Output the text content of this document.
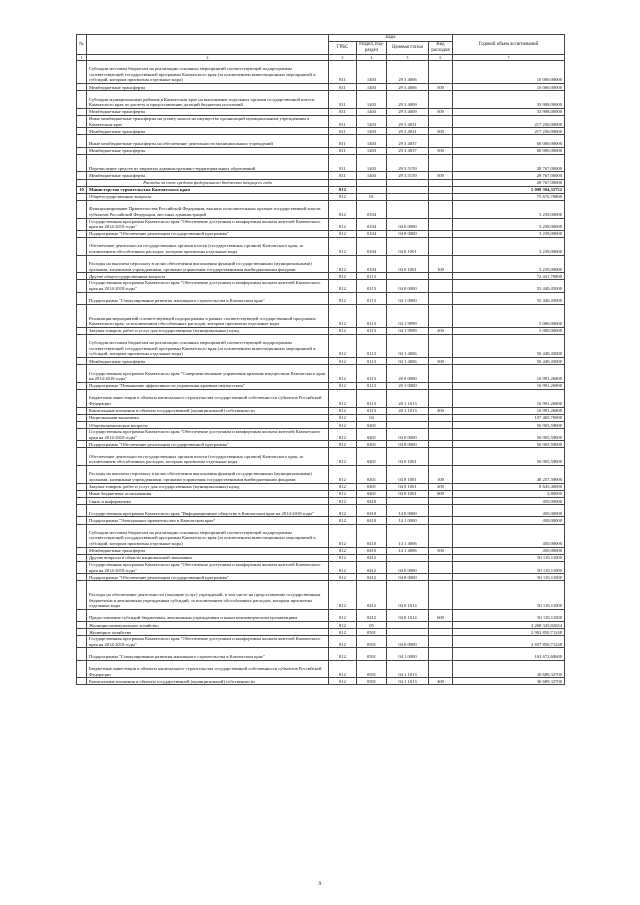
№		коды				Годовой объем ассигнований
		ГРБС	Раздел, под-раздел	Целевая статья	Вид расходов	
1	2	3	4	5	6	7
	Субсидии местным бюджетам на реализацию основных мероприятий соответствующей подпрограммы соответствующей государственной программы Камчатского края (за исключением инвестиционных мероприятий и субсидий, которым присвоены отдельные коды)	811	1403	29 3 4006		10 000,00000
	Межбюджетные трансферты	811	1403	29 3 4006	500	10 000,00000
	Субсидии муниципальным районам в Камчатском крае на выполнение отдельных органов государственной власти Камчатского края по расчету и предоставлению дотаций бюджетам поселений	811	1403	29 3 4009		33 908,00000
	Межбюджетные трансферты	811	1403	29 3 4009	500	33 908,00000
	Иные межбюджетные трансферты на уплату налога на имущество организаций муниципальным учреждениям в Камчатском крае	811	1403	29 3 4031		217 230,00000
	Межбюджетные трансферты	811	1403	29 3 4031	500	217 230,00000
	Иные межбюджетные трансферты на обеспечение деятельности муниципальных учреждений	811	1403	29 3 4037		60 000,00000
	Межбюджетные трансферты	811	1403	29 3 4037	500	60 000,00000
	Перечисление средств из закрытых административно-территориальных образований	811	1403	29 3 5159		28 767,00000
	Межбюджетные трансферты	811	1403	29 3 5159	500	28 767,00000
	Расходы за счет средств федерального бюджета текущего года					28 767,00000
10	Министерство строительства Камчатского края	812				5 098 394,35752
	Общегосударственные вопросы	812	01			75 670,70800
	Функционирование Правительства Российской Федерации, высших исполнительных органов государственной власти субъектов Российской Федерации, местных администраций	812	0104			3 239,00000
	Государственная программа Камчатского края "Обеспечение доступным и комфортным жильем жителей Камчатского края на 2014-2018 годы"	812	0104	04 0 0000		3 239,00000
	Подпрограмма "Обеспечение реализации государственной программы"	812	0104	04 8 0000		3 239,00000
	Обеспечение деятельности государственных органов власти (государственных органов) Камчатского края, за исключением обособленных расходов, которым присвоены отдельные коды	812	0104	04 8 1001		3 239,00000
	Расходы на выплаты персоналу в целях обеспечения выполнения функций государственными (муниципальными) органами, казенными учреждениями, органами управления государственными внебюджетными фондами	812	0104	04 8 1001	100	3 239,00000
	Другие общегосударственные вопросы	812	0113			72 431,70800
	Государственная программа Камчатского края "Обеспечение доступным и комфортным жильем жителей Камчатского края на 2014-2018 годы"	812	0113	04 0 0000		55 440,45000
	Подпрограмма "Стимулирование развития жилищного строительства в Камчатском крае"	812	0113	04 1 0000		55 440,45000
	Реализация мероприятий соответствующей подпрограммы в рамках соответствующей государственной программы Камчатского края, за исключением обособленных расходов, которым присвоены отдельные коды	812	0113	04 1 9999		5 000,00000
	Закупка товаров, работ и услуг для государственных (муниципальных) нужд	812	0113	04 1 9999	200	5 000,00000
	Субсидии местным бюджетам на реализацию основных мероприятий соответствующей подпрограммы соответствующей государственной программы Камчатского края (за исключением инвестиционных мероприятий и субсидий, которым присвоены отдельные коды)	812	0113	04 1 4006		50 440,45000
	Межбюджетные трансферты	812	0113	04 1 4006	500	50 440,45000
	Государственная программа Камчатского края "Совершенствование управления краевым имуществом Камчатского края на 2014-2018 годы"	812	0113	20 0 0000		16 991,26800
	Подпрограмма "Повышение эффективности управления краевым имуществом"	812	0113	20 1 0000		16 991,26800
	Бюджетные инвестиции в объекты капитального строительства государственной собственности субъектов Российской Федерации	812	0113	20 1 1013		16 991,26800
	Капитальные вложения в объекты государственной (муниципальной) собственности	812	0113	20 1 1013	400	16 991,26800
	Национальная экономика	812	04			107 465,70000
	Общеэкономические вопросы	812	0401			56 905,59000
	Государственная программа Камчатского края "Обеспечение доступным и комфортным жильем жителей Камчатского края на 2014-2018 годы"	812	0401	04 0 0000		56 905,59000
	Подпрограмма "Обеспечение реализации государственной программы"	812	0401	04 8 0000		56 905,59000
	Обеспечение деятельности государственных органов власти (государственных органов) Камчатского края, за исключением обособленных расходов, которым присвоены отдельные коды	812	0401	04 8 1001		56 905,59000
	Расходы на выплаты персоналу в целях обеспечения выполнения функций государственными (муниципальными) органами, казенными учреждениями, органами управления государственными внебюджетными фондами	812	0401	04 8 1001	100	48 257,39000
	Закупка товаров, работ и услуг для государственных (муниципальных) нужд	812	0401	04 8 1001	200	8 645,40000
	Иные бюджетные ассигнования	812	0401	04 8 1001	800	2,80000
	Связь и информатика	812	0410			450,00000
	Государственная программа Камчатского края "Информационное общество в Камчатском крае на 2014-2018 годы"	812	0410	14 0 0000		450,00000
	Подпрограмма "Электронное правительство в Камчатском крае"	812	0410	14 1 0000		450,00000
	Субсидии местным бюджетам на реализацию основных мероприятий соответствующей подпрограммы соответствующей государственной программы Камчатского края (за исключением инвестиционных мероприятий и субсидий, которым присвоены отдельные коды)	812	0410	14 1 4006		450,00000
	Межбюджетные трансферты	812	0410	14 1 4006	500	450,00000
	Другие вопросы в области национальной экономики	812	0412			50 110,11000
	Государственная программа Камчатского края "Обеспечение доступным и комфортным жильем жителей Камчатского края на 2014-2018 годы"	812	0412	04 0 0000		50 110,11000
	Подпрограмма "Обеспечение реализации государственной программы"	812	0412	04 8 0000		50 110,11000
	Расходы на обеспечение деятельности (оказание услуг) учреждений, в том числе на предоставление государственным бюджетным и автономным учреждениям субсидий, за исключением обособленных расходов, которым присвоены отдельные коды	812	0412	04 8 1014		50 110,11000
	Предоставление субсидий бюджетным, автономным учреждениям и иным некоммерческим организациям	812	0412	04 8 1014	600	50 110,11000
	Жилищно-коммунальное хозяйство	812	05			3 268 345,82654
	Жилищное хозяйство	812	0501			2 902 850,71248
	Государственная программа Камчатского края "Обеспечение доступным и комфортным жильем жителей Камчатского края на 2014-2018 годы"	812	0501	04 0 0000		2 657 856,71248
	Подпрограмма "Стимулирование развития жилищного строительства в Камчатском крае"	812	0501	04 1 0000		163 672,68600
	Бюджетные инвестиции в объекты капитального строительства государственной собственности субъектов Российской Федерации	812	0501	04 1 1013		30 689,32700
	Капитальные вложения в объекты государственной (муниципальной) собственности	812	0501	04 1 1013	400	30 689,32700
9
